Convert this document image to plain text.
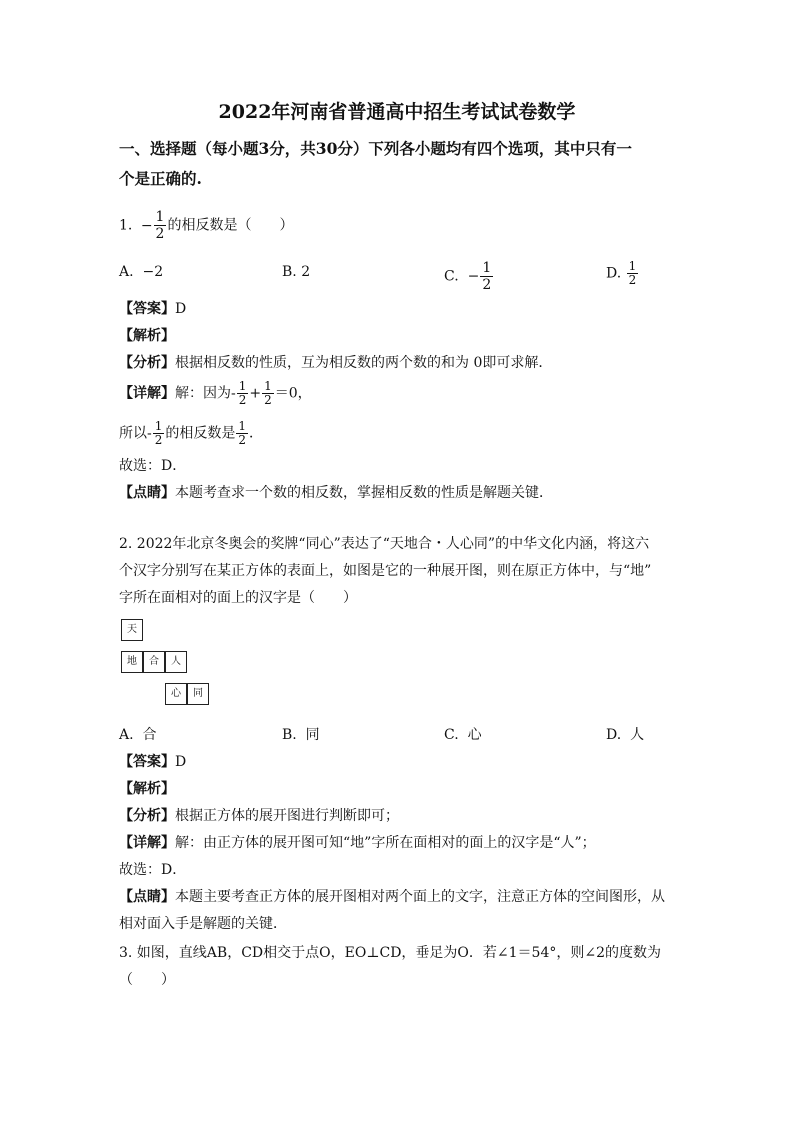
2022年河南省普通高中招生考试试卷数学
一、选择题（每小题3分，共30分）下列各小题均有四个选项，其中只有一
个是正确的.
1. − $\frac{1}{2}$ 的相反数是（　　）
A. −2	B. 2	C. − $\frac{1}{2}$	D. $\frac{1}{2}$
【答案】D
【解析】
【分析】根据相反数的性质，互为相反数的两个数的和为 0即可求解．
【详解】解：因为- $\frac{1}{2} + \frac{1}{2} =0$，
所以- $\frac{1}{2}$ 的相反数是 $\frac{1}{2}$ ．
故选：D．
【点睛】本题考查求一个数的相反数，掌握相反数的性质是解题关键．
2. 2022年北京冬奥会的奖牌“同心”表达了“天地合・人心同”的中华文化内涵，将这六
个汉字分别写在某正方体的表面上，如图是它的一种展开图，则在原正方体中，与“地”
字所在面相对的面上的汉字是（　　）
天
地	合	人
心	同
A. 合	B. 同	C. 心	D. 人
【答案】D
【解析】
【分析】根据正方体的展开图进行判断即可；
【详解】解：由正方体的展开图可知“地”字所在面相对的面上的汉字是“人”；
故选：D．
【点睛】本题主要考查正方体的展开图相对两个面上的文字，注意正方体的空间图形，从
相对面入手是解题的关键．
3. 如图，直线AB，CD相交于点O，EO⊥CD，垂足为O．若∠1＝54°，则∠2的度数为
（　　）
